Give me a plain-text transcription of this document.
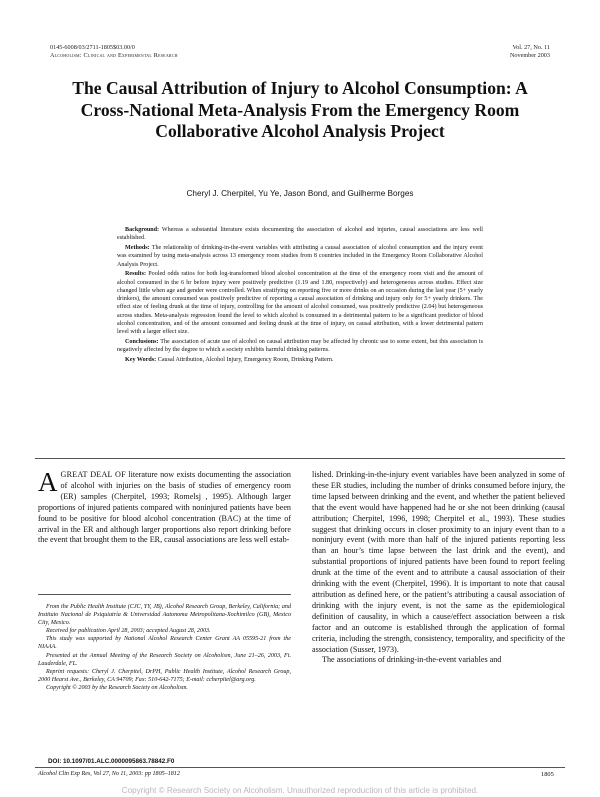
0145-6008/03/2711-1805$03.00/0
Alcoholism: Clinical and Experimental Research
Vol. 27, No. 11
November 2003
The Causal Attribution of Injury to Alcohol Consumption: A Cross-National Meta-Analysis From the Emergency Room Collaborative Alcohol Analysis Project
Cheryl J. Cherpitel, Yu Ye, Jason Bond, and Guilherme Borges

Background: Whereas a substantial literature exists documenting the association of alcohol and injuries, causal associations are less well established.

Methods: The relationship of drinking-in-the-event variables with attributing a causal association of alcohol consumption and the injury event was examined by using meta-analysis across 13 emergency room studies from 8 countries included in the Emergency Room Collaborative Alcohol Analysis Project.

Results: Pooled odds ratios for both log-transformed blood alcohol concentration at the time of the emergency room visit and the amount of alcohol consumed in the 6 hr before injury were positively predictive (1.19 and 1.80, respectively) and heterogeneous across studies. Effect size changed little when age and gender were controlled. When stratifying on reporting five or more drinks on an occasion during the last year (5+ yearly drinkers), the amount consumed was positively predictive of reporting a causal association of drinking and injury only for 5+ yearly drinkers. The effect size of feeling drunk at the time of injury, controlling for the amount of alcohol consumed, was positively predictive (2.04) but heterogeneous across studies. Meta-analysis regression found the level to which alcohol is consumed in a detrimental pattern to be a significant predictor of blood alcohol concentration, and of the amount consumed and feeling drunk at the time of injury, on causal attribution, with a lower detrimental pattern level with a larger effect size.

Conclusions: The association of acute use of alcohol on causal attribution may be affected by chronic use to some extent, but this association is negatively affected by the degree to which a society exhibits harmful drinking patterns.

Key Words: Causal Attribution, Alcohol Injury, Emergency Room, Drinking Pattern.

AGREAT DEAL OF literature now exists documenting the association of alcohol with injuries on the basis of studies of emergency room (ER) samples (Cherpitel, 1993; Romelsj , 1995). Although larger proportions of injured patients compared with noninjured patients have been found to be positive for blood alcohol concentration (BAC) at the time of arrival in the ER and although larger proportions also report drinking before the event that brought them to the ER, causal associations are less well estab-

lished. Drinking-in-the-injury event variables have been analyzed in some of these ER studies, including the number of drinks consumed before injury, the time lapsed between drinking and the event, and whether the patient believed that the event would have happened had he or she not been drinking (causal attribution; Cherpitel, 1996, 1998; Cherpitel et al., 1993). These studies suggest that drinking occurs in closer proximity to an injury event than to a noninjury event (with more than half of the injured patients reporting less than an hour’s time lapse between the last drink and the event), and substantial proportions of injured patients have been found to report feeling drunk at the time of the event and to attribute a causal association of their drinking with the event (Cherpitel, 1996). It is important to note that causal attribution as defined here, or the patient’s attributing a causal association of drinking with the injury event, is not the same as the epidemiological definition of causality, in which a cause/effect association between a risk factor and an outcome is established through the application of formal criteria, including the strength, consistency, temporality, and specificity of the association (Susser, 1973).

The associations of drinking-in-the-event variables and

From the Public Health Institute (CJC, YY, JB), Alcohol Research Group, Berkeley, California; and Instituto Nacional de Psiquiatría & Universidad Autonoma Metropolitana-Xochimilco (GB), Mexico City, Mexico.

Received for publication April 28, 2003; accepted August 28, 2003.

This study was supported by National Alcohol Research Center Grant AA 05595-21 from the NIAAA.

Presented at the Annual Meeting of the Research Society on Alcoholism, June 21–26, 2003, Ft. Lauderdale, FL.

Reprint requests: Cheryl J. Cherpitel, DrPH, Public Health Institute, Alcohol Research Group, 2000 Hearst Ave., Berkeley, CA 94709; Fax: 510-642-7175; E-mail: ccherpitel@arg.org.

Copyright © 2003 by the Research Society on Alcoholism.

DOI: 10.1097/01.ALC.0000095863.78842.F0
Alcohol Clin Exp Res, Vol 27, No 11, 2003: pp 1805–1812	1805
Copyright © Research Society on Alcoholism. Unauthorized reproduction of this article is prohibited.
